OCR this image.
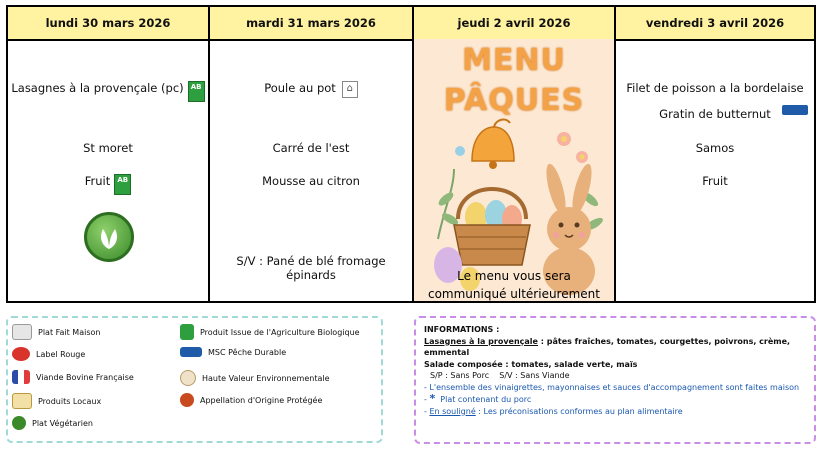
lundi 30 mars 2026
Lasagnes à la provençale (pc) AB
St moret
Fruit AB
mardi 31 mars 2026
Poule au pot ⌂
Carré de l'est
Mousse au citron
S/V : Pané de blé fromage épinards
jeudi 2 avril 2026
MENU
PÂQUES
Le menu vous sera communiqué ultérieurement
vendredi 3 avril 2026
Filet de poisson a la bordelaise
Gratin de butternut
Samos
Fruit
Plat Fait Maison
Label Rouge
Viande Bovine Française
Produits Locaux
Plat Végétarien
Produit Issue de l'Agriculture Biologique
MSC Pêche Durable
Haute Valeur Environnementale
Appellation d'Origine Protégée
INFORMATIONS :
Lasagnes à la provençale : pâtes fraîches, tomates, courgettes, poivrons, crème, emmental
Salade composée : tomates, salade verte, maïs
S/P : Sans Porc S/V : Sans Viande
- L'ensemble des vinaigrettes, mayonnaises et sauces d'accompagnement sont faites maison
- * Plat contenant du porc
- En souligné : Les préconisations conformes au plan alimentaire
